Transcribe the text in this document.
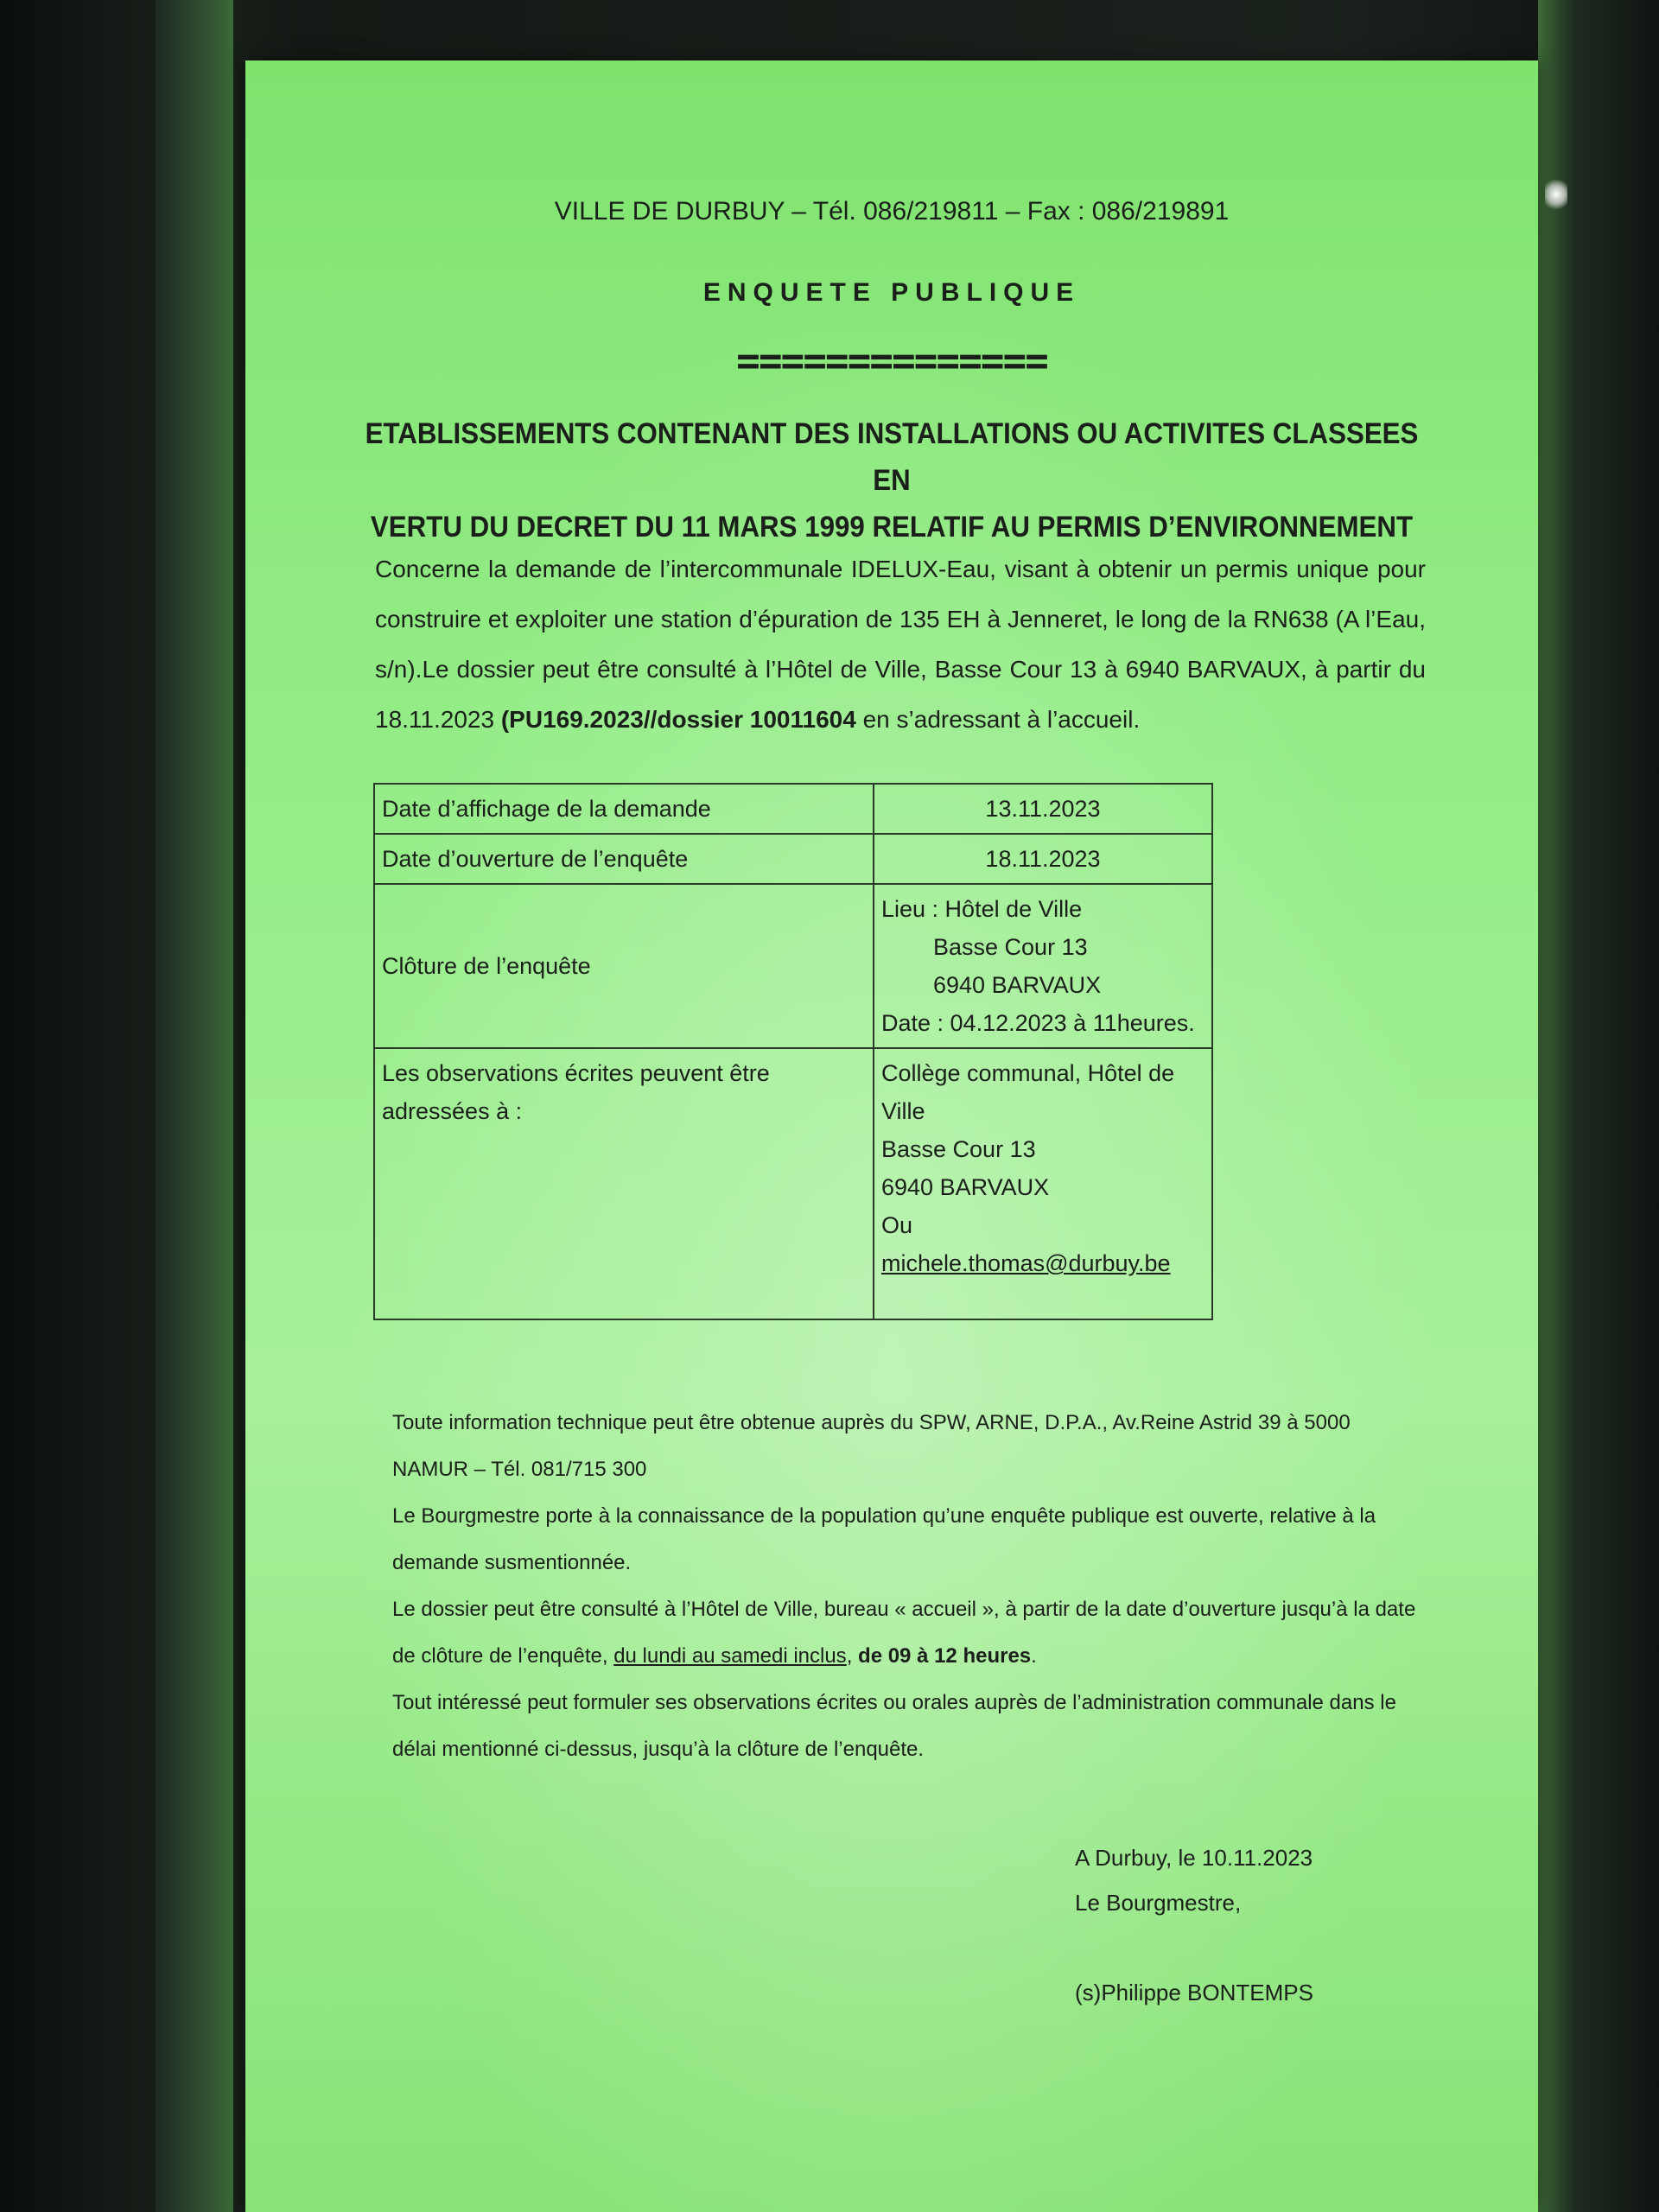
VILLE DE DURBUY – Tél. 086/219811 – Fax : 086/219891
ENQUETE PUBLIQUE
==============
ETABLISSEMENTS CONTENANT DES INSTALLATIONS OU ACTIVITES CLASSEES EN
VERTU DU DECRET DU 11 MARS 1999 RELATIF AU PERMIS D’ENVIRONNEMENT
Concerne la demande de l’intercommunale IDELUX-Eau, visant à obtenir un permis unique pour construire et exploiter une station d’épuration de 135 EH à Jenneret, le long de la RN638 (A l’Eau, s/n).Le dossier peut être consulté à l’Hôtel de Ville, Basse Cour 13 à 6940 BARVAUX, à partir du 18.11.2023 (PU169.2023//dossier 10011604 en s’adressant à l’accueil.
Date d’affichage de la demande	13.11.2023
Date d’ouverture de l’enquête	18.11.2023
Clôture de l’enquête	Lieu : Hôtel de Ville
Basse Cour 13
6940 BARVAUX
Date : 04.12.2023 à 11heures.

Les observations écrites peuvent être adressées à :	Collège communal, Hôtel de Ville
Basse Cour 13
6940 BARVAUX
Ou
michele.thomas@durbuy.be

Toute information technique peut être obtenue auprès du SPW, ARNE, D.P.A., Av.Reine Astrid 39 à 5000 NAMUR – Tél. 081/715 300

Le Bourgmestre porte à la connaissance de la population qu’une enquête publique est ouverte, relative à la demande susmentionnée.

Le dossier peut être consulté à l’Hôtel de Ville, bureau « accueil », à partir de la date d’ouverture jusqu’à la date de clôture de l’enquête, du lundi au samedi inclus, de 09 à 12 heures.

Tout intéressé peut formuler ses observations écrites ou orales auprès de l’administration communale dans le délai mentionné ci-dessus, jusqu’à la clôture de l’enquête.

A Durbuy, le 10.11.2023
Le Bourgmestre,
(s)Philippe BONTEMPS
